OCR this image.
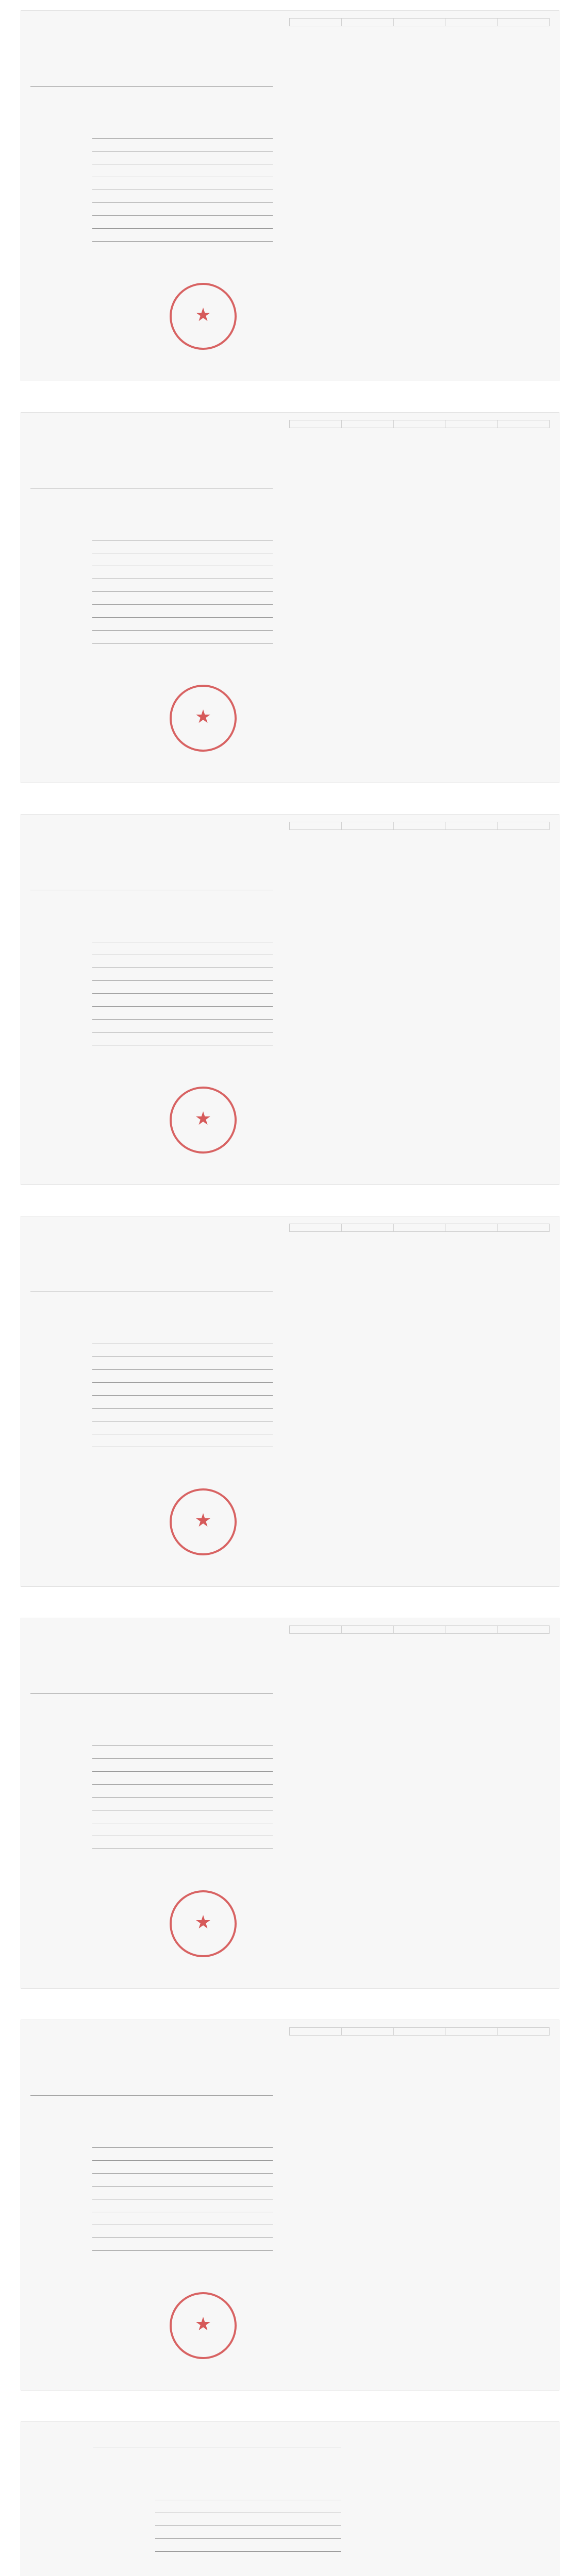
★

★

★

★

★

★
